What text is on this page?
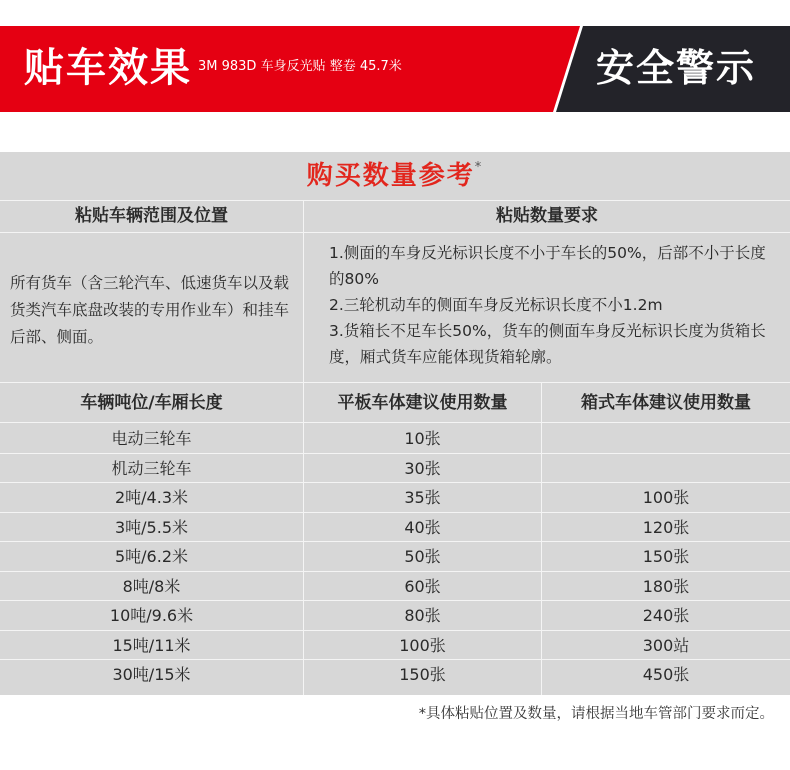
贴车效果 3M 983D 车身反光贴 整卷 45.7米	安全警示
购买数量参考*
粘贴车辆范围及位置	粘贴数量要求
所有货车（含三轮汽车、低速货车以及载货类汽车底盘改装的专用作业车）和挂车后部、侧面。
1.侧面的车身反光标识长度不小于车长的50%，后部不小于长度的80%
2.三轮机动车的侧面车身反光标识长度不小1.2m
3.货箱长不足车长50%，货车的侧面车身反光标识长度为货箱长度，厢式货车应能体现货箱轮廓。
车辆吨位/车厢长度	平板车体建议使用数量	箱式车体建议使用数量
电动三轮车	10张
机动三轮车	30张
2吨/4.3米	35张	100张
3吨/5.5米	40张	120张
5吨/6.2米	50张	150张
8吨/8米	60张	180张
10吨/9.6米	80张	240张
15吨/11米	100张	300站
30吨/15米	150张	450张
*具体粘贴位置及数量，请根据当地车管部门要求而定。
